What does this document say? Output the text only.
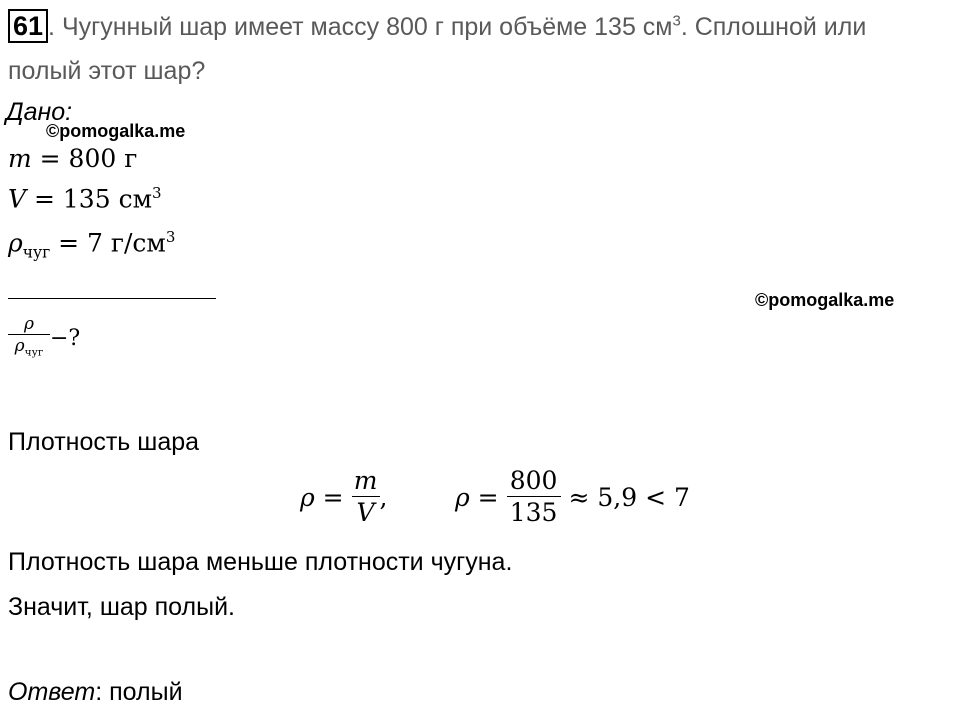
61 . Чугунный шар имеет массу 800 г при объёме 135 $см^3$. Сплошной или
полый этот шар?
Дано:
©pomogalka.me
m = 800 г
V = 135 $см^3$
$\rho_{чуг} = 7$ $г/см^3$
©pomogalka.me
$\frac{\rho}{\rho_{чуг}}$ −?
Плотность шара
$\rho = \frac{m}{V}$ ,	$\rho = \frac{800}{135} \approx 5,9 < 7$
Плотность шара меньше плотности чугуна.
Значит, шар полый.
Ответ: полый
